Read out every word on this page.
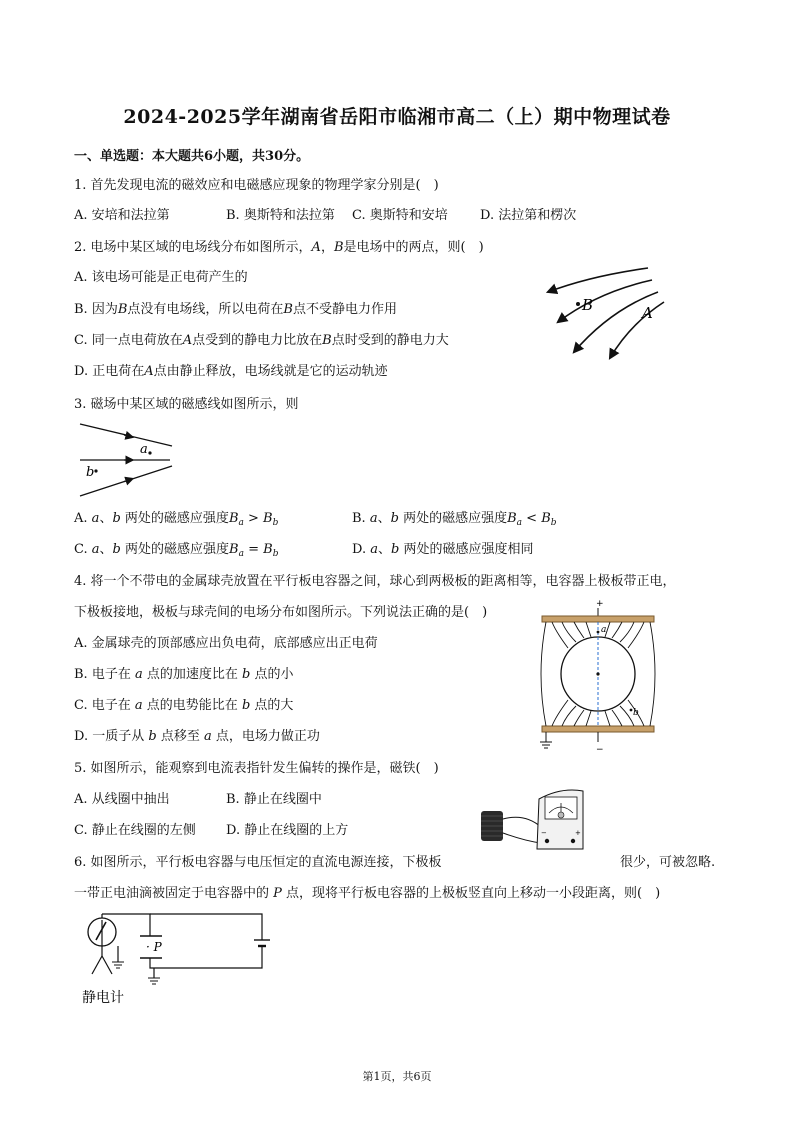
2024-2025学年湖南省岳阳市临湘市高二（上）期中物理试卷
一、单选题：本大题共6小题，共30分。
1. 首先发现电流的磁效应和电磁感应现象的物理学家分别是(　)
A. 安培和法拉第	B. 奥斯特和法拉第 C. 奥斯特和安培 D. 法拉第和楞次
2. 电场中某区域的电场线分布如图所示，A，B是电场中的两点，则(　)
A. 该电场可能是正电荷产生的
B. 因为B点没有电场线，所以电荷在B点不受静电力作用
C. 同一点电荷放在A点受到的静电力比放在B点时受到的静电力大
D. 正电荷在A点由静止释放，电场线就是它的运动轨迹
B	A
3. 磁场中某区域的磁感线如图所示，则
a
b
A. a、b 两处的磁感应强度$B_a > B_b$	B. a、b 两处的磁感应强度$B_a < B_b$
C. a、b 两处的磁感应强度$B_a = B_b$	D. a、b 两处的磁感应强度相同
4. 将一个不带电的金属球壳放置在平行板电容器之间，球心到两极板的距离相等，电容器上极板带正电，
下极板接地，极板与球壳间的电场分布如图所示。下列说法正确的是(　)
A. 金属球壳的顶部感应出负电荷，底部感应出正电荷
B. 电子在 a 点的加速度比在 b 点的小
C. 电子在 a 点的电势能比在 b 点的大
D. 一质子从 b 点移至 a 点，电场力做正功
+
−
a
b
5. 如图所示，能观察到电流表指针发生偏转的操作是，磁铁(　)
A. 从线圈中抽出	B. 静止在线圈中
C. 静止在线圈的左侧 D. 静止在线圈的上方	−	+
6. 如图所示，平行板电容器与电压恒定的直流电源连接，下极板	很少，可被忽略.
一带正电油滴被固定于电容器中的 P 点，现将平行板电容器的上极板竖直向上移动一小段距离，则(　)
· P
静电计
第1页，共6页
